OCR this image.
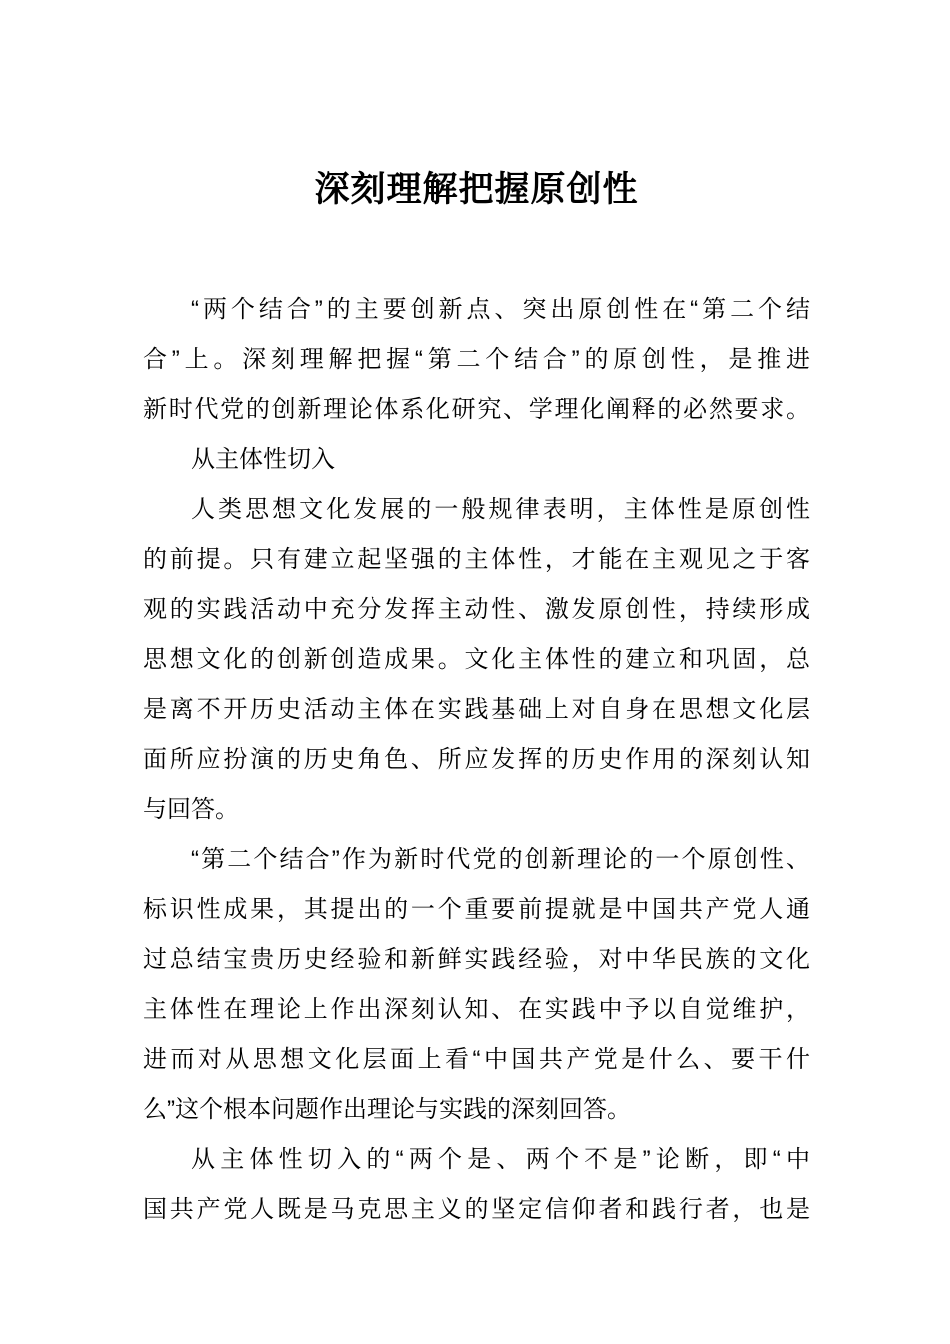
深刻理解把握原创性
“两个结合”的主要创新点、突出原创性在“第二个结
合”上。深刻理解把握“第二个结合”的原创性，是推进
新时代党的创新理论体系化研究、学理化阐释的必然要求。
从主体性切入
人类思想文化发展的一般规律表明，主体性是原创性
的前提。只有建立起坚强的主体性，才能在主观见之于客
观的实践活动中充分发挥主动性、激发原创性，持续形成
思想文化的创新创造成果。文化主体性的建立和巩固，总
是离不开历史活动主体在实践基础上对自身在思想文化层
面所应扮演的历史角色、所应发挥的历史作用的深刻认知
与回答。
“第二个结合”作为新时代党的创新理论的一个原创性、
标识性成果，其提出的一个重要前提就是中国共产党人通
过总结宝贵历史经验和新鲜实践经验，对中华民族的文化
主体性在理论上作出深刻认知、在实践中予以自觉维护，
进而对从思想文化层面上看“中国共产党是什么、要干什
么”这个根本问题作出理论与实践的深刻回答。
从主体性切入的“两个是、两个不是”论断，即“中
国共产党人既是马克思主义的坚定信仰者和践行者，也是
